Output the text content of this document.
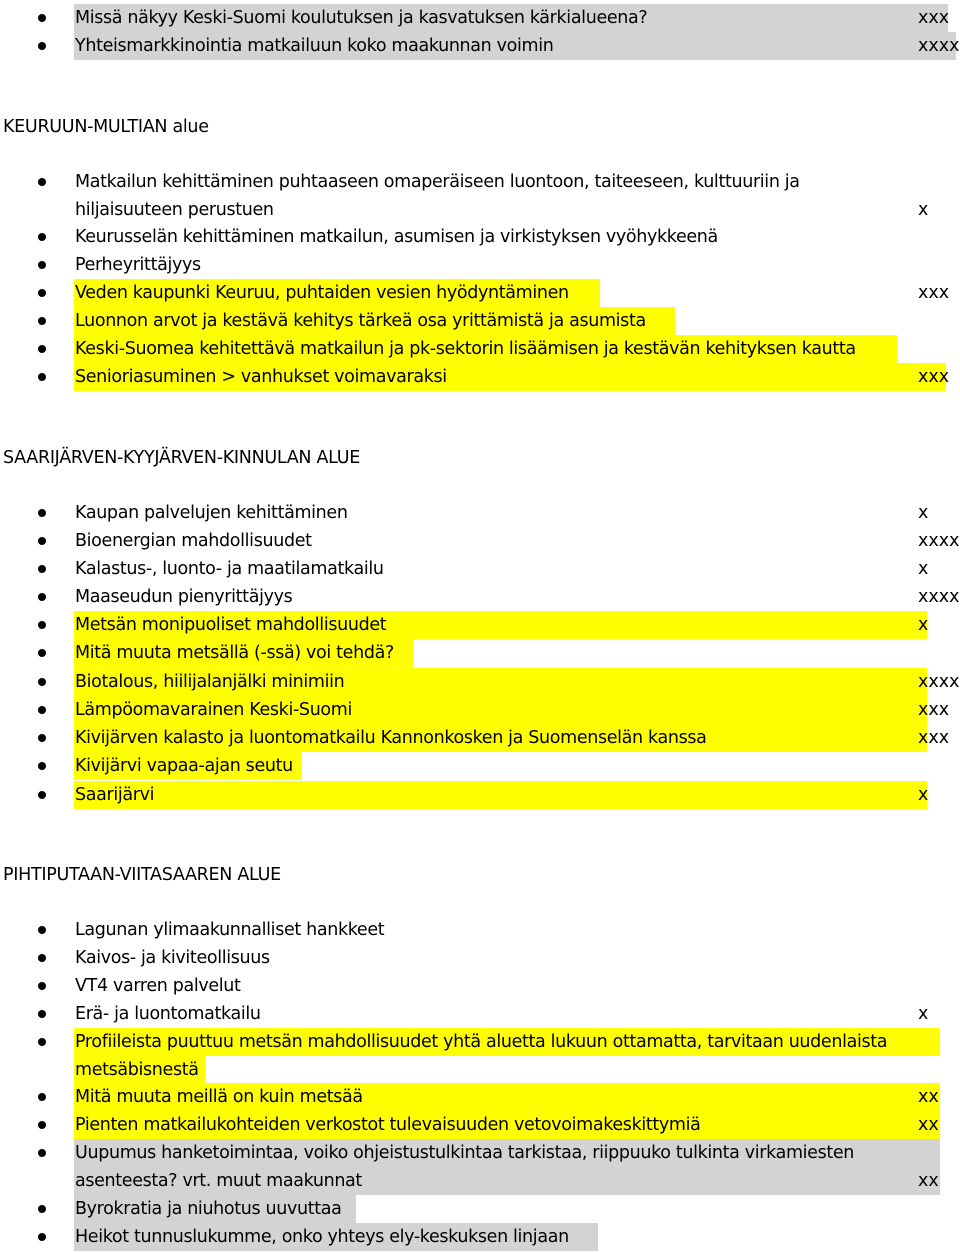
KEURUUN-MULTIAN alue
SAARIJÄRVEN-KYYJÄRVEN-KINNULAN ALUE
PIHTIPUTAAN-VIITASAAREN ALUE
Missä näkyy Keski-Suomi koulutuksen ja kasvatuksen kärkialueena?	xxx
Yhteismarkkinointia matkailuun koko maakunnan voimin	xxxx
Matkailun kehittäminen puhtaaseen omaperäiseen luontoon, taiteeseen, kulttuuriin ja
hiljaisuuteen perustuen	x
Keurusselän kehittäminen matkailun, asumisen ja virkistyksen vyöhykkeenä
Perheyrittäjyys
Veden kaupunki Keuruu, puhtaiden vesien hyödyntäminen	xxx
Luonnon arvot ja kestävä kehitys tärkeä osa yrittämistä ja asumista
Keski-Suomea kehitettävä matkailun ja pk-sektorin lisäämisen ja kestävän kehityksen kautta
Senioriasuminen > vanhukset voimavaraksi	xxx
Kaupan palvelujen kehittäminen	x
Bioenergian mahdollisuudet	xxxx
Kalastus-, luonto- ja maatilamatkailu	x
Maaseudun pienyrittäjyys	xxxx
Metsän monipuoliset mahdollisuudet	x
Mitä muuta metsällä (-ssä) voi tehdä?
Biotalous, hiilijalanjälki minimiin	xxxx
Lämpöomavarainen Keski-Suomi	xxx
Kivijärven kalasto ja luontomatkailu Kannonkosken ja Suomenselän kanssa	xxx
Kivijärvi vapaa-ajan seutu
Saarijärvi	x
Lagunan ylimaakunnalliset hankkeet
Kaivos- ja kiviteollisuus
VT4 varren palvelut
Erä- ja luontomatkailu	x
Profiileista puuttuu metsän mahdollisuudet yhtä aluetta lukuun ottamatta, tarvitaan uudenlaista
metsäbisnestä
Mitä muuta meillä on kuin metsää	xx
Pienten matkailukohteiden verkostot tulevaisuuden vetovoimakeskittymiä	xx
Uupumus hanketoimintaa, voiko ohjeistustulkintaa tarkistaa, riippuuko tulkinta virkamiesten
asenteesta? vrt. muut maakunnat	xx
Byrokratia ja niuhotus uuvuttaa
Heikot tunnuslukumme, onko yhteys ely-keskuksen linjaan
